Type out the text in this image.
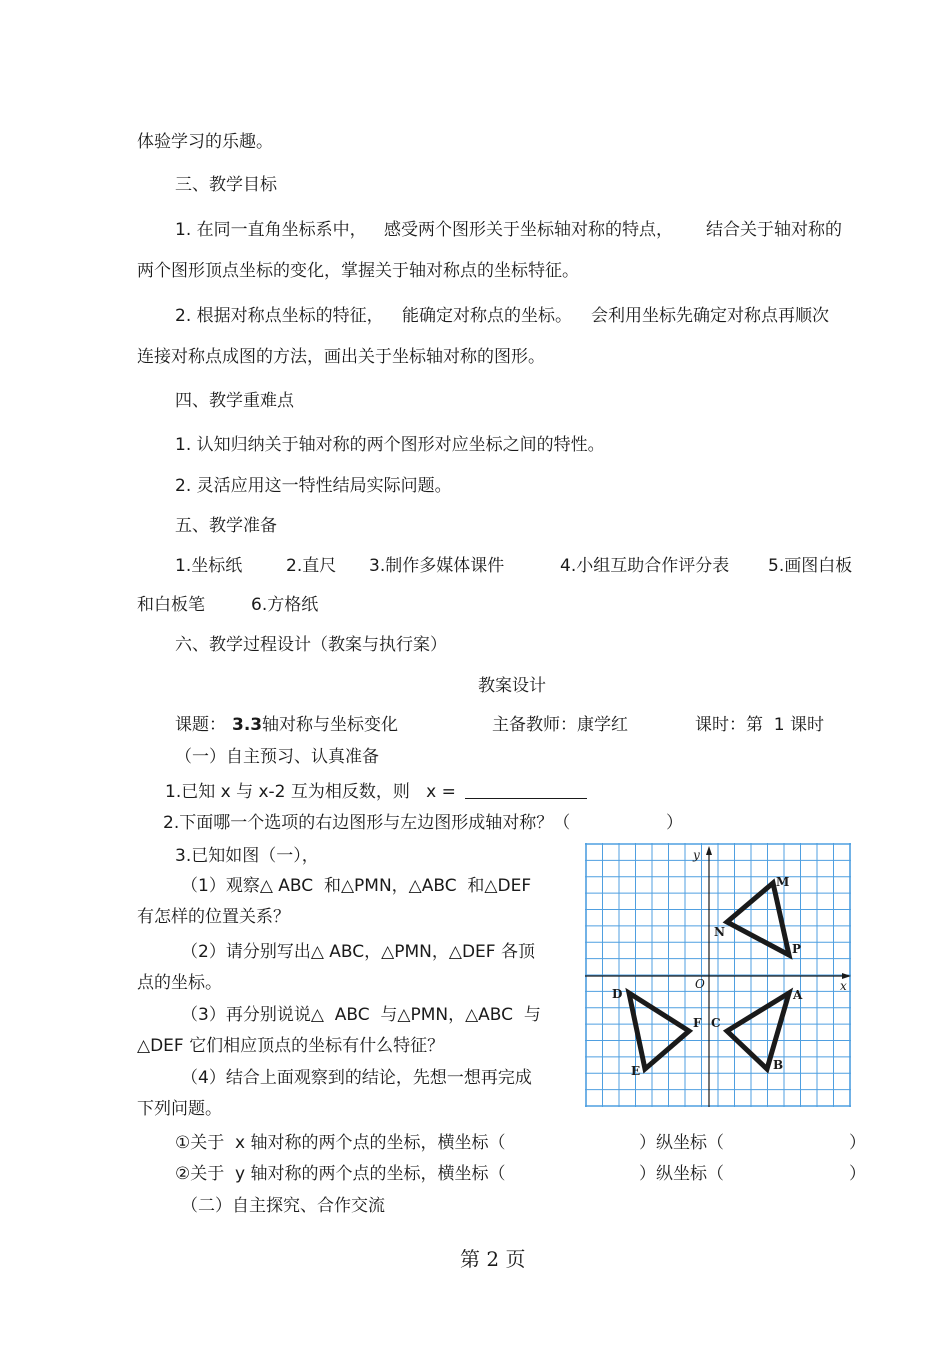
体验学习的乐趣。
三、教学目标
1. 在同一直角坐标系中， 感受两个图形关于坐标轴对称的特点， 结合关于轴对称的
两个图形顶点坐标的变化，掌握关于轴对称点的坐标特征。
2. 根据对称点坐标的特征， 能确定对称点的坐标。 会利用坐标先确定对称点再顺次
连接对称点成图的方法，画出关于坐标轴对称的图形。
四、教学重难点
1. 认知归纳关于轴对称的两个图形对应坐标之间的特性。
2. 灵活应用这一特性结局实际问题。
五、教学准备
1.坐标纸	2.直尺 3.制作多媒体课件	4.小组互助合作评分表 5.画图白板
和白板笔	6.方格纸
六、教学过程设计（教案与执行案）
教案设计
课题： 3.3 轴对称与坐标变化	主备教师：康学红	课时：第  1 课时
（一）自主预习、认真准备
1.已知 x 与 x-2 互为相反数，则   x =
2.下面哪一个选项的右边图形与左边图形成轴对称？（	）
3.已知如图（一），
（1）观察△ ABC  和△PMN，△ABC  和△DEF
有怎样的位置关系？
（2）请分别写出△ ABC，△PMN，△DEF 各顶
点的坐标。
（3）再分别说说△  ABC  与△PMN，△ABC  与
△DEF 它们相应顶点的坐标有什么特征？
（4）结合上面观察到的结论，先想一想再完成
下列问题。
①关于  x 轴对称的两个点的坐标，横坐标（	）纵坐标（	）
②关于  y 轴对称的两个点的坐标，横坐标（	）纵坐标（	）
（二）自主探究、合作交流
y
x
O
M
N
P
D
E
F
A
B
C
第 2 页
